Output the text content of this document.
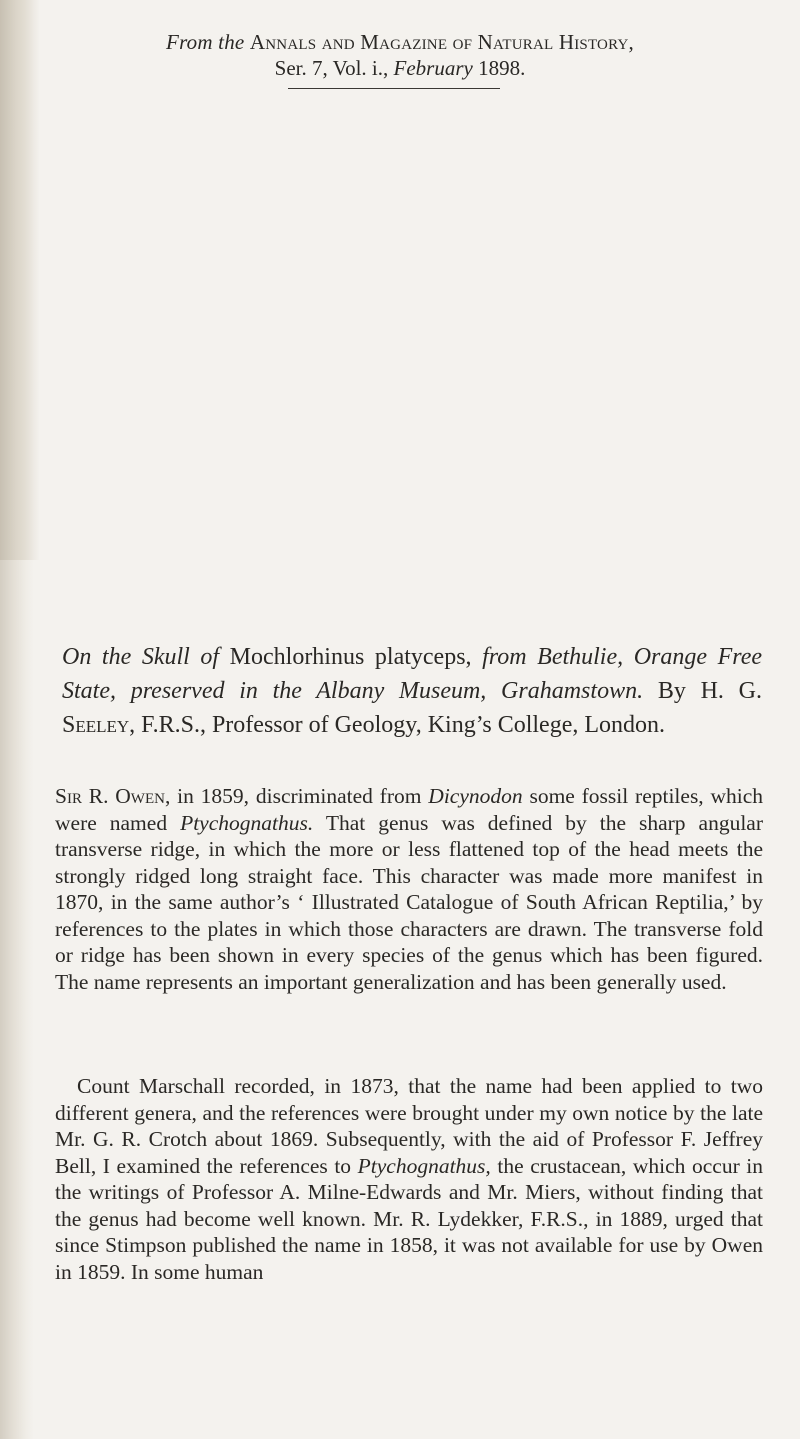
From the Annals and Magazine of Natural History,
Ser. 7, Vol. i., February 1898.
On the Skull of Mochlorhinus platyceps, from Bethulie, Orange Free State, preserved in the Albany Museum, Grahamstown. By H. G. Seeley, F.R.S., Professor of Geology, King’s College, London.
Sir R. Owen, in 1859, discriminated from Dicynodon some fossil reptiles, which were named Ptychognathus. That genus was defined by the sharp angular transverse ridge, in which the more or less flattened top of the head meets the strongly ridged long straight face. This character was made more manifest in 1870, in the same author’s ‘ Illustrated Catalogue of South African Reptilia,’ by references to the plates in which those characters are drawn. The transverse fold or ridge has been shown in every species of the genus which has been figured. The name represents an important generalization and has been generally used.
Count Marschall recorded, in 1873, that the name had been applied to two different genera, and the references were brought under my own notice by the late Mr. G. R. Crotch about 1869. Subsequently, with the aid of Professor F. Jeffrey Bell, I examined the references to Ptychognathus, the crustacean, which occur in the writings of Professor A. Milne-Edwards and Mr. Miers, without finding that the genus had become well known. Mr. R. Lydekker, F.R.S., in 1889, urged that since Stimpson published the name in 1858, it was not available for use by Owen in 1859. In some human
